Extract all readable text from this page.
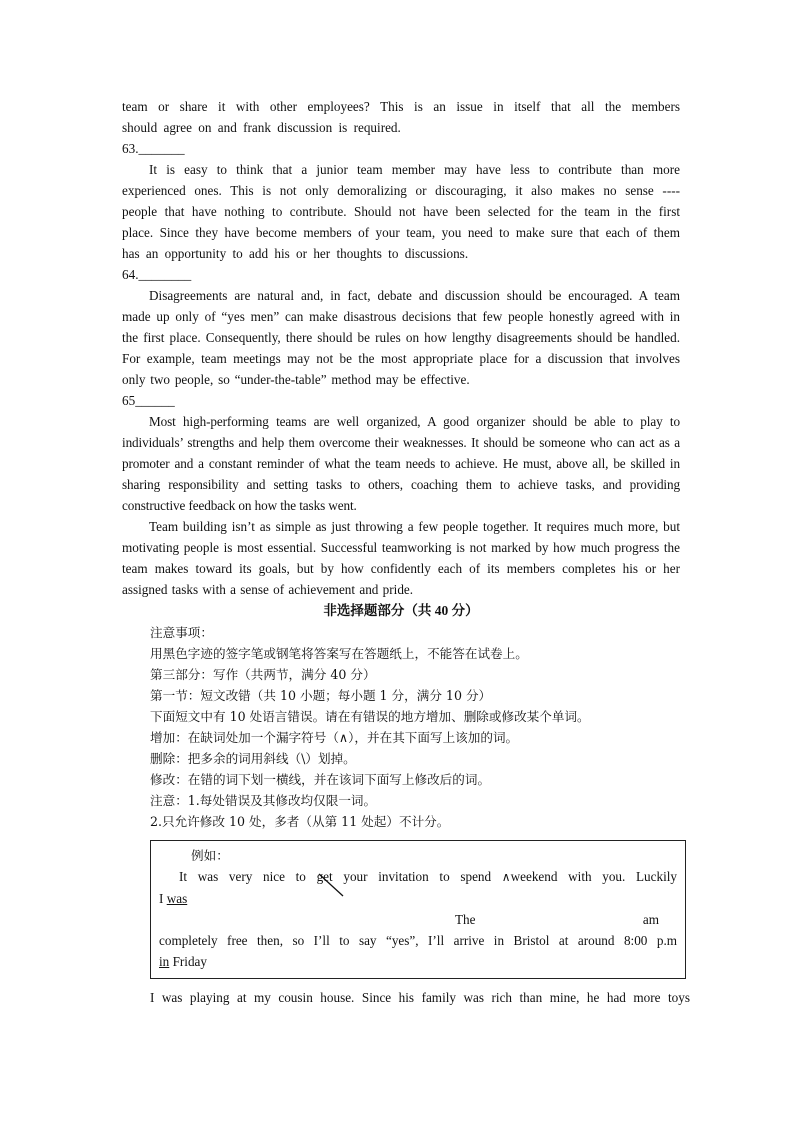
team or share it with other employees? This is an issue in itself that all the members

should agree on and frank discussion is required.

63._______

It is easy to think that a junior team member may have less to contribute than more experienced ones. This is not only demoralizing or discouraging, it also makes no sense ---- people that have nothing to contribute. Should not have been selected for the team in the first place. Since they have become members of your team, you need to make sure that each of them has an opportunity to add his or her thoughts to discussions.

64.________

Disagreements are natural and, in fact, debate and discussion should be encouraged. A team made up only of “yes men” can make disastrous decisions that few people honestly agreed with in the first place. Consequently, there should be rules on how lengthy disagreements should be handled. For example, team meetings may not be the most appropriate place for a discussion that involves only two people, so “under-the-table” method may be effective.

65______

Most high-performing teams are well organized, A good organizer should be able to play to individuals’ strengths and help them overcome their weaknesses. It should be someone who can act as a promoter and a constant reminder of what the team needs to achieve. He must, above all, be skilled in sharing responsibility and setting tasks to others, coaching them to achieve tasks, and providing constructive feedback on how the tasks went.

Team building isn’t as simple as just throwing a few people together. It requires much more, but motivating people is most essential. Successful teamworking is not marked by how much progress the team makes toward its goals, but by how confidently each of its members completes his or her assigned tasks with a sense of achievement and pride.

非选择题部分（共 40 分）

注意事项：

用黑色字迹的签字笔或钢笔将答案写在答题纸上，不能答在试卷上。

第三部分：写作（共两节，满分 40 分）

第一节：短文改错（共 10 小题；每小题 1 分，满分 10 分）

下面短文中有 10 处语言错误。请在有错误的地方增加、删除或修改某个单词。

增加：在缺词处加一个漏字符号（∧），并在其下面写上该加的词。

删除：把多余的词用斜线（\）划掉。

修改：在错的词下划一横线，并在该词下面写上修改后的词。

注意：1.每处错误及其修改均仅限一词。

2.只允许修改 10 处，多者（从第 11 处起）不计分。

例如：

It was very nice to get your invitation to spend ∧weekend with you. Luckily

I was

The	am

completely free then, so I’ll to say “yes”, I’ll arrive in Bristol at around 8:00 p.m

in Friday

I was playing at my cousin house. Since his family was rich than mine, he had more toys
